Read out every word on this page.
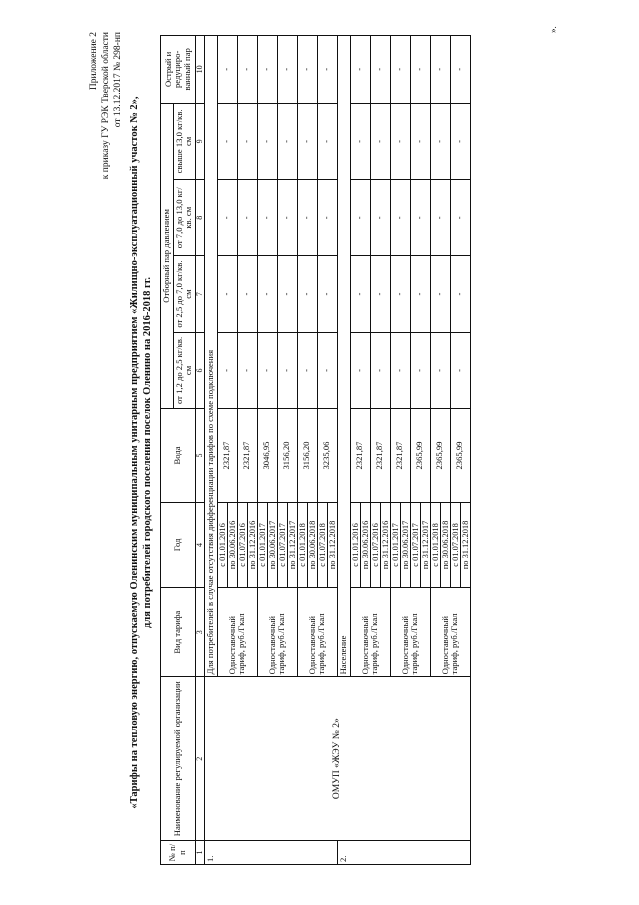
Приложение 2 к приказу ГУ РЭК Тверской области от 13.12.2017 № 298-нп
«Тарифы на тепловую энергию, отпускаемую Оленинским муниципальным унитарным предприятием «Жилищно-эксплуатационный участок № 2», для потребителей городского поселения поселок Оленино на 2016-2018 гг.
№ п/ п	Наименование регулируемой организации	Вид тарифа	Год	Вода	Отборный пар давлением				Острый и редуциро- ванный пар
					от 1,2 до 2,5 кг/кв. см	от 2,5 до 7,0 кг/кв. см	от 7,0 до 13,0 кг/кв. см	свыше 13,0 кг/кв. см	
1	2	3	4	5	6	7	8	9	10
1.	ОМУП «ЖЭУ № 2»	Для потребителей в случае отсутствия дифференциации тарифов по схеме подключения							
		Одноставочный тариф, руб./Гкал	с 01.01.2016	2321,87	-	-	-	-	-
			по 30.06.2016						
			с 01.07.2016	2321,87	-	-	-	-	-
			по 31.12.2016						
		Одноставочный тариф, руб./Гкал	с 01.01.2017	3046,95	-	-	-	-	-
			по 30.06.2017						
			с 01.07.2017	3156,20	-	-	-	-	-
			по 31.12.2017						
		Одноставочный тариф, руб./Гкал	с 01.01.2018	3156,20	-	-	-	-	-
			по 30.06.2018						
			с 01.07.2018	3235,06	-	-	-	-	-
			по 31.12.2018						
2.		Население							
		Одноставочный тариф, руб./Гкал	с 01.01.2016	2321,87	-	-	-	-	-
			по 30.06.2016						
			с 01.07.2016	2321,87	-	-	-	-	-
			по 31.12.2016						
		Одноставочный тариф, руб./Гкал	с 01.01.2017	2321,87	-	-	-	-	-
			по 30.06.2017						
			с 01.07.2017	2365,99	-	-	-	-	-
			по 31.12.2017						
		Одноставочный тариф, руб./Гкал	с 01.01.2018	2365,99	-	-	-	-	-
			по 30.06.2018						
			с 01.07.2018	2365,99	-	-	-	-	-
			по 31.12.2018						
».
